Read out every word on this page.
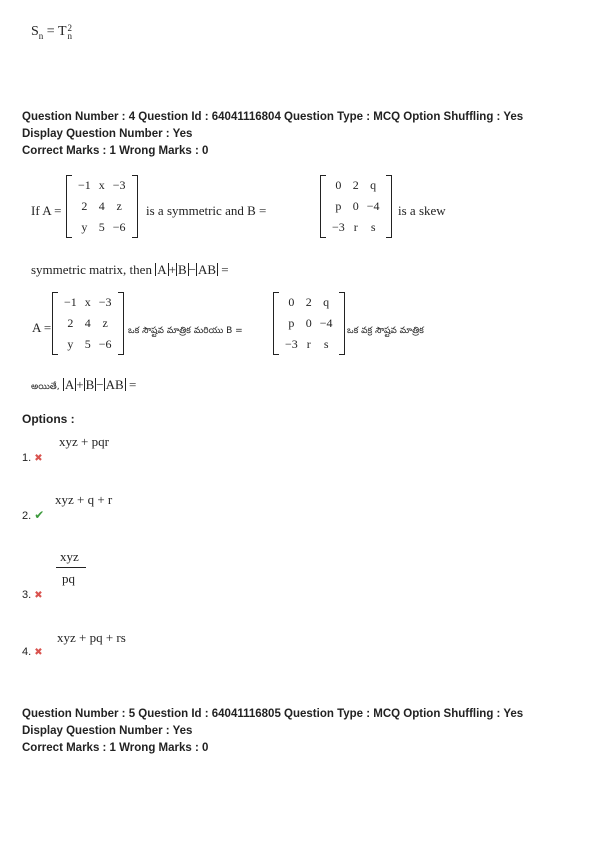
$S_n = T$ 2
n
Question Number : 4 Question Id : 64041116804 Question Type : MCQ Option Shuffling : Yes
Display Question Number : Yes
Correct Marks : 1 Wrong Marks : 0
If A =
−1	x	−3
2	4	z
y	5	−6
is a symmetric and B =
0	2	q
p	0	−4
−3	r	s
is a skew
symmetric matrix, then A + B − AB =
A =
−1	x	−3
2	4	z
y	5	−6
ఒక సౌష్టవ మాత్రిక మరియు B =
0	2	q
p	0	−4
−3	r	s
ఒక వక్ర సౌష్టవ మాత్రిక
అయితే, A + B − AB =
Options :
xyz + pqr
1. ✖
xyz + q + r
2. ✔
xyz
pq
3. ✖
xyz + pq + rs
4. ✖
Question Number : 5 Question Id : 64041116805 Question Type : MCQ Option Shuffling : Yes
Display Question Number : Yes
Correct Marks : 1 Wrong Marks : 0
